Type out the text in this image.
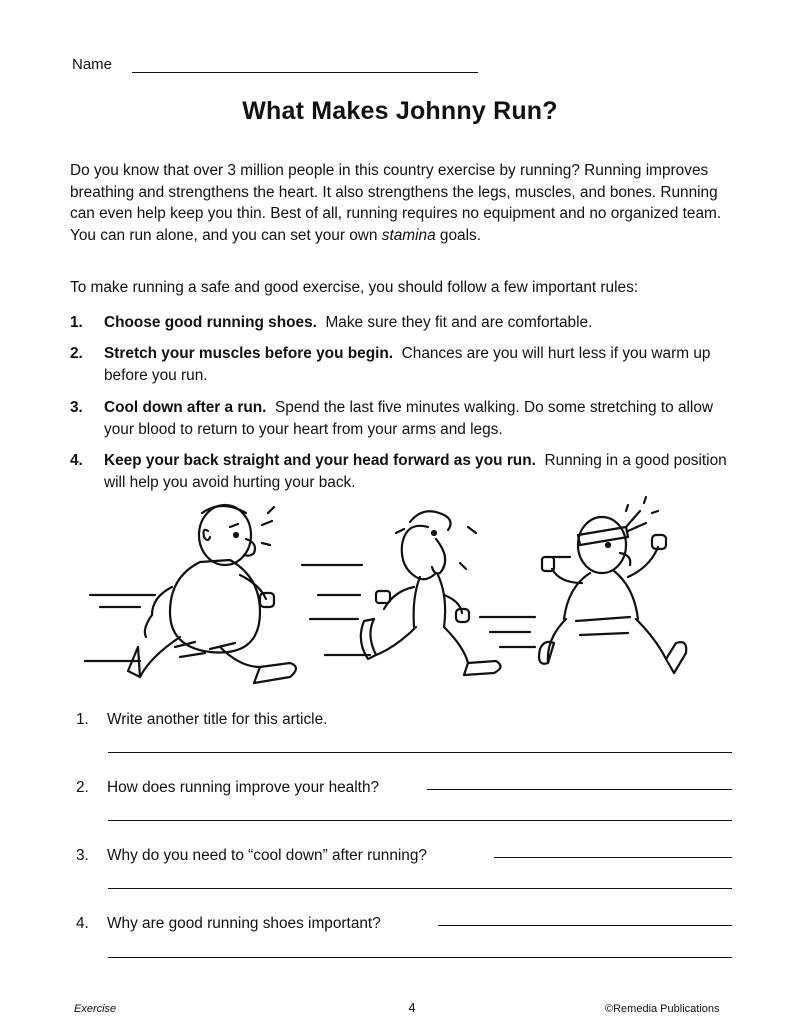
Name
What Makes Johnny Run?
Do you know that over 3 million people in this country exercise by running? Running improves breathing and strengthens the heart. It also strengthens the legs, muscles, and bones. Running can even help keep you thin. Best of all, running requires no equipment and no organized team. You can run alone, and you can set your own stamina goals.
To make running a safe and good exercise, you should follow a few important rules:
1. Choose good running shoes. Make sure they fit and are comfortable.
2. Stretch your muscles before you begin. Chances are you will hurt less if you warm up before you run.
3. Cool down after a run. Spend the last five minutes walking. Do some stretching to allow your blood to return to your heart from your arms and legs.
4. Keep your back straight and your head forward as you run. Running in a good position will help you avoid hurting your back.
1. Write another title for this article.
2. How does running improve your health?
3. Why do you need to “cool down” after running?
4. Why are good running shoes important?
Exercise	4	©Remedia Publications
